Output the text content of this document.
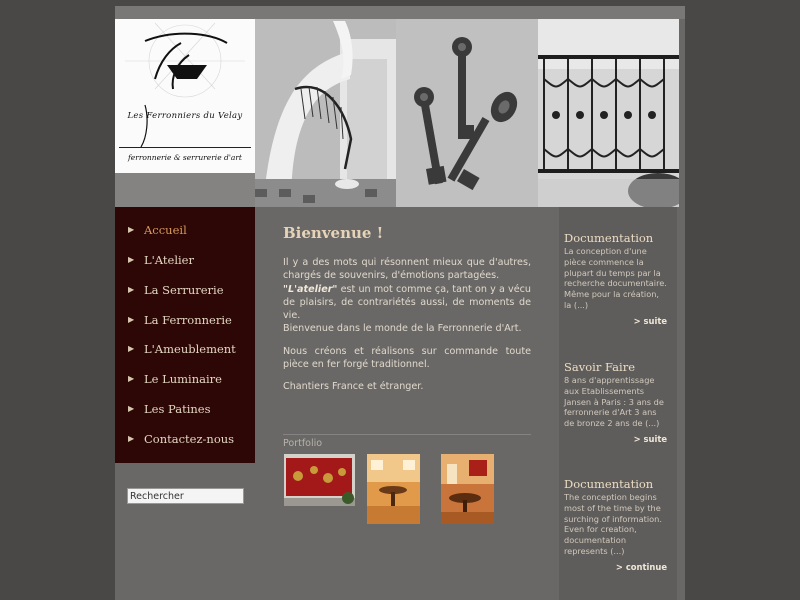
Les Ferronniers du Velay
ferronnerie & serrurerie d'art
▶ Accueil
▶ L'Atelier
▶ La Serrurerie
▶ La Ferronnerie
▶ L'Ameublement
▶ Le Luminaire
▶ Les Patines
▶ Contactez-nous
Rechercher
Bienvenue !

Il y a des mots qui résonnent mieux que d'autres, chargés de souvenirs, d'émotions partagées.
"L'atelier" est un mot comme ça, tant on y a vécu de plaisirs, de contrariétés aussi, de moments de vie.
Bienvenue dans le monde de la Ferronnerie d'Art.

Nous créons et réalisons sur commande toute pièce en fer forgé traditionnel.

Chantiers France et étranger.

Portfolio
Documentation

La conception d'une pièce commence la plupart du temps par la recherche documentaire. Même pour la création, la (...)

> suite
Savoir Faire

8 ans d'apprentissage aux Etablissements Jansen à Paris : 3 ans de ferronnerie d'Art 3 ans de bronze 2 ans de (...)

> suite
Documentation

The conception begins most of the time by the surching of information. Even for creation, documentation represents (...)

> continue
